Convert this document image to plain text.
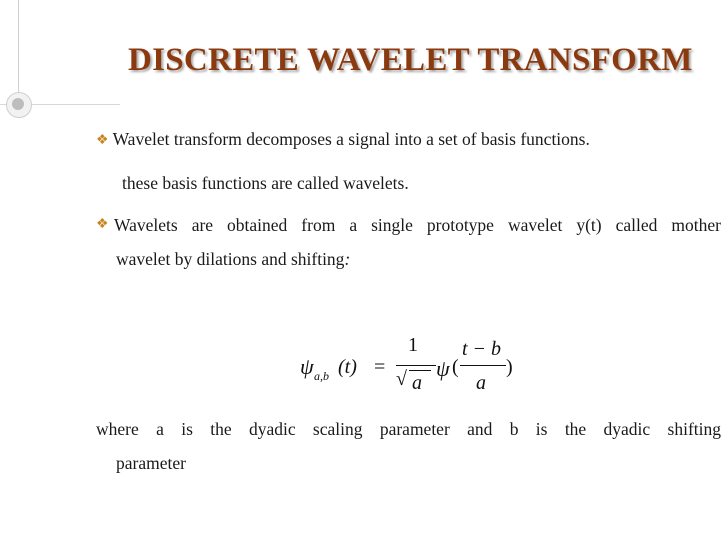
DISCRETE WAVELET TRANSFORM
❖ Wavelet transform decomposes a signal into a set of basis functions.
these basis functions are called wavelets.
❖ Wavelets are obtained from a single prototype wavelet y(t) called mother
wavelet by dilations and shifting:
ψ a,b (t) =
1
√ a
ψ (
t − b
a
)
where a is the dyadic scaling parameter and b is the dyadic shifting
parameter
